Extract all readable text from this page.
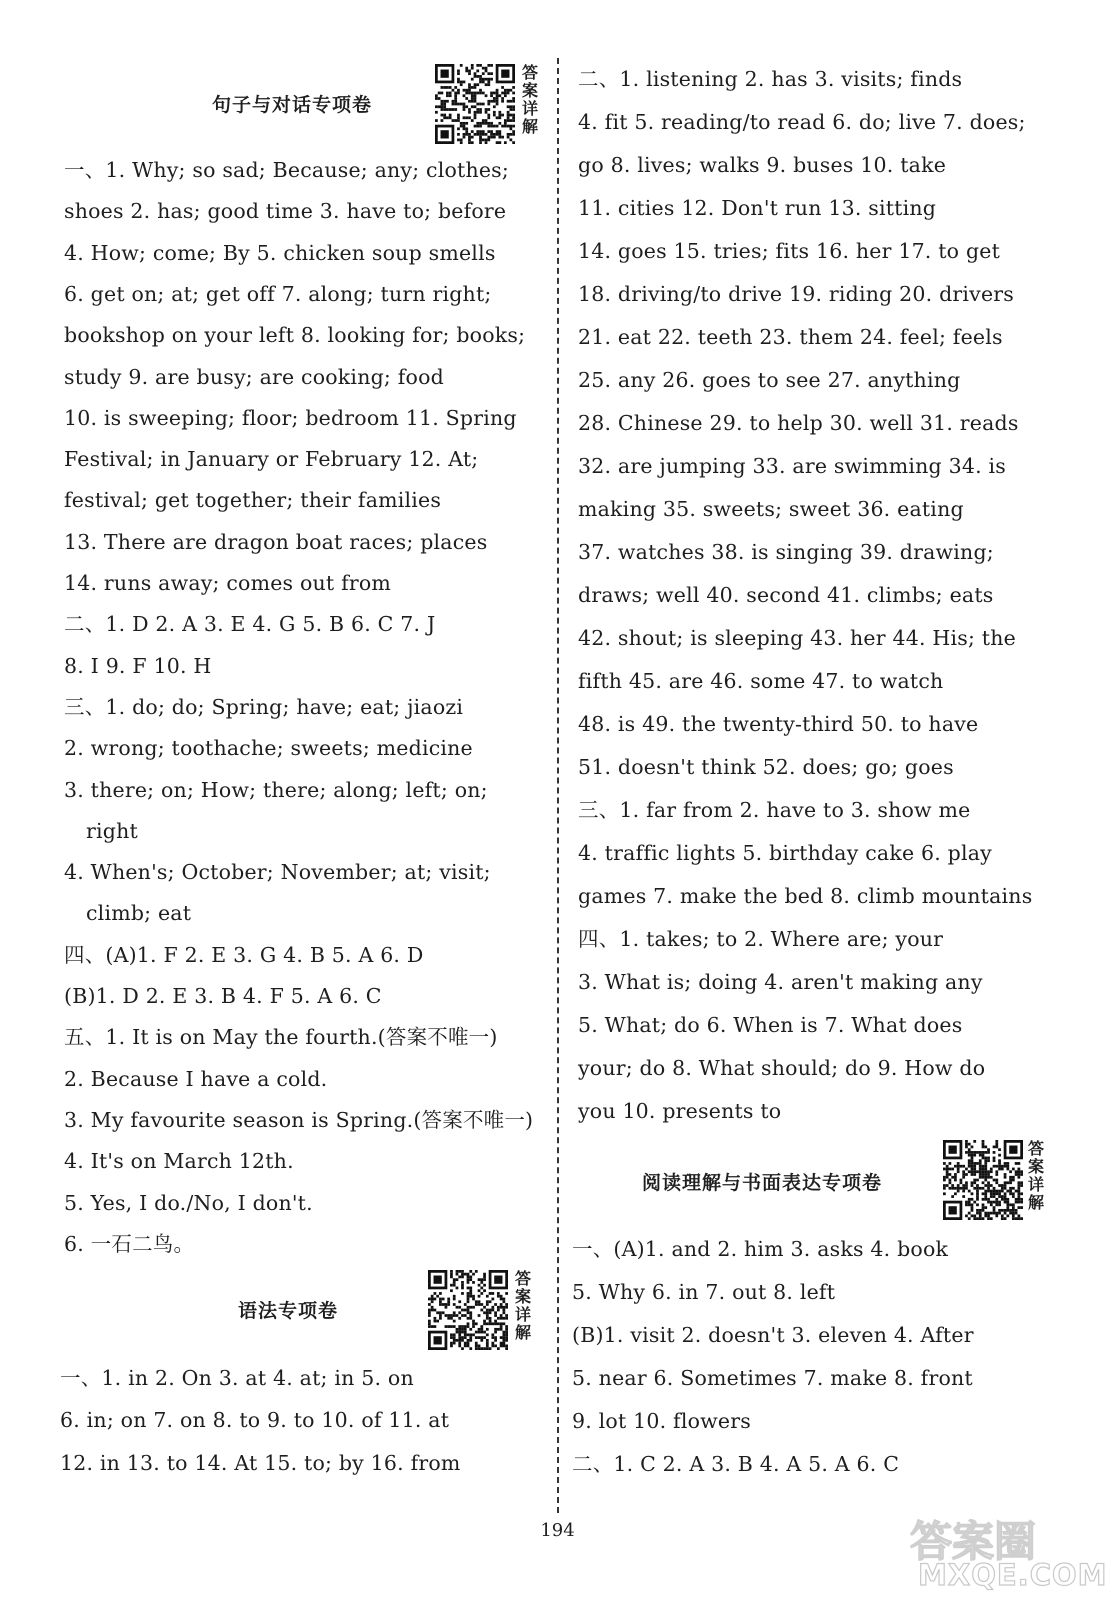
句子与对话专项卷
答案详解
一、1. Why; so sad; Because; any; clothes;
shoes 2. has; good time 3. have to; before
4. How; come; By 5. chicken soup smells
6. get on; at; get off 7. along; turn right;
bookshop on your left 8. looking for; books;
study 9. are busy; are cooking; food
10. is sweeping; floor; bedroom 11. Spring
Festival; in January or February 12. At;
festival; get together; their families
13. There are dragon boat races; places
14. runs away; comes out from
二、1. D 2. A 3. E 4. G 5. B 6. C 7. J
8. I 9. F 10. H
三、1. do; do; Spring; have; eat; jiaozi
2. wrong; toothache; sweets; medicine
3. there; on; How; there; along; left; on;
right
4. When's; October; November; at; visit;
climb; eat
四、(A)1. F 2. E 3. G 4. B 5. A 6. D
(B)1. D 2. E 3. B 4. F 5. A 6. C
五、1. It is on May the fourth.(答案不唯一)
2. Because I have a cold.
3. My favourite season is Spring.(答案不唯一)
4. It's on March 12th.
5. Yes, I do./No, I don't.
6. 一石二鸟。
语法专项卷
答案详解
一、1. in 2. On 3. at 4. at; in 5. on
6. in; on 7. on 8. to 9. to 10. of 11. at
12. in 13. to 14. At 15. to; by 16. from
二、1. listening 2. has 3. visits; finds
4. fit 5. reading/to read 6. do; live 7. does;
go 8. lives; walks 9. buses 10. take
11. cities 12. Don't run 13. sitting
14. goes 15. tries; fits 16. her 17. to get
18. driving/to drive 19. riding 20. drivers
21. eat 22. teeth 23. them 24. feel; feels
25. any 26. goes to see 27. anything
28. Chinese 29. to help 30. well 31. reads
32. are jumping 33. are swimming 34. is
making 35. sweets; sweet 36. eating
37. watches 38. is singing 39. drawing;
draws; well 40. second 41. climbs; eats
42. shout; is sleeping 43. her 44. His; the
fifth 45. are 46. some 47. to watch
48. is 49. the twenty-third 50. to have
51. doesn't think 52. does; go; goes
三、1. far from 2. have to 3. show me
4. traffic lights 5. birthday cake 6. play
games 7. make the bed 8. climb mountains
四、1. takes; to 2. Where are; your
3. What is; doing 4. aren't making any
5. What; do 6. When is 7. What does
your; do 8. What should; do 9. How do
you 10. presents to
阅读理解与书面表达专项卷
答案详解
一、(A)1. and 2. him 3. asks 4. book
5. Why 6. in 7. out 8. left
(B)1. visit 2. doesn't 3. eleven 4. After
5. near 6. Sometimes 7. make 8. front
9. lot 10. flowers
二、1. C 2. A 3. B 4. A 5. A 6. C
194	答案圈
MXQE.COM
